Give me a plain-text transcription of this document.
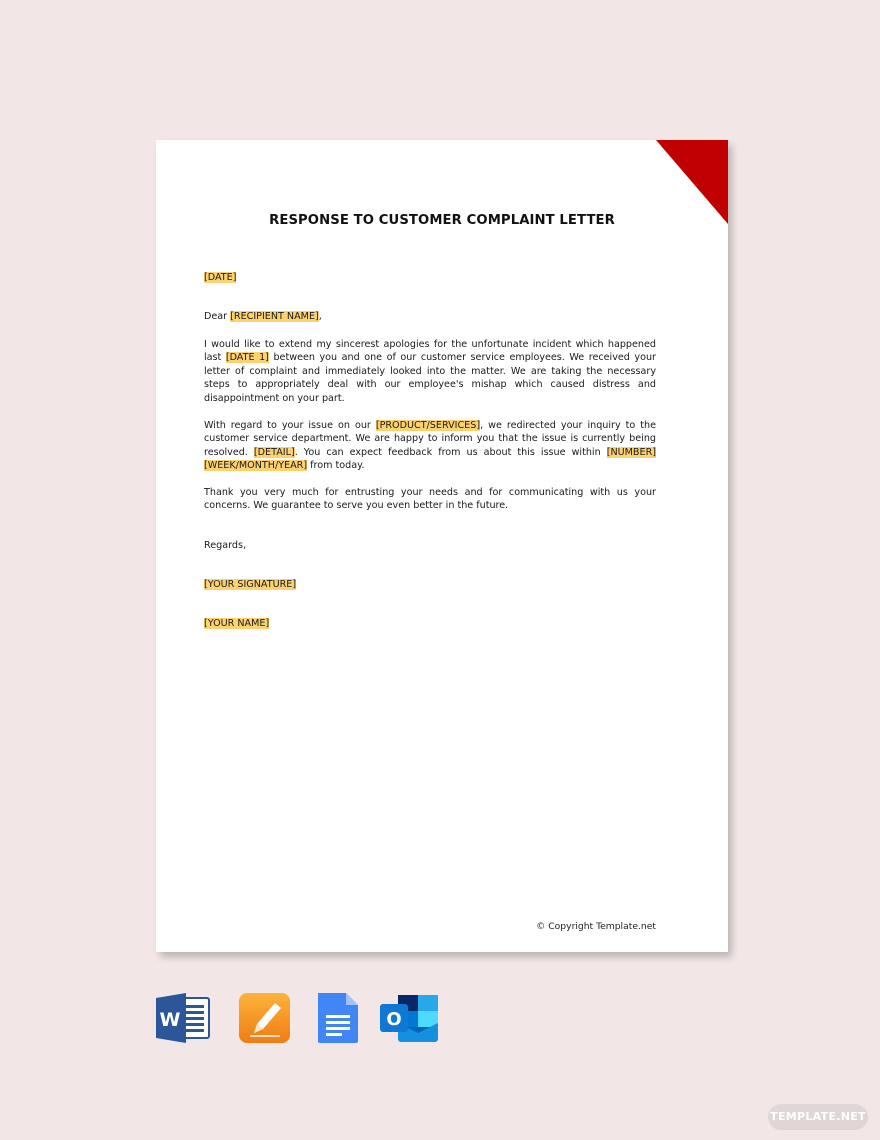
RESPONSE TO CUSTOMER COMPLAINT LETTER
[DATE]
Dear [RECIPIENT NAME],
I would like to extend my sincerest apologies for the unfortunate incident which happened last [DATE 1] between you and one of our customer service employees. We received your letter of complaint and immediately looked into the matter. We are taking the necessary steps to appropriately deal with our employee's mishap which caused distress and disappointment on your part.
With regard to your issue on our [PRODUCT/SERVICES], we redirected your inquiry to the customer service department. We are happy to inform you that the issue is currently being resolved. [DETAIL]. You can expect feedback from us about this issue within [NUMBER] [WEEK/MONTH/YEAR] from today.
Thank you very much for entrusting your needs and for communicating with us your concerns. We guarantee to serve you even better in the future.
Regards,
[YOUR SIGNATURE]
[YOUR NAME]
© Copyright Template.net
W	O
TEMPLATE.NET
